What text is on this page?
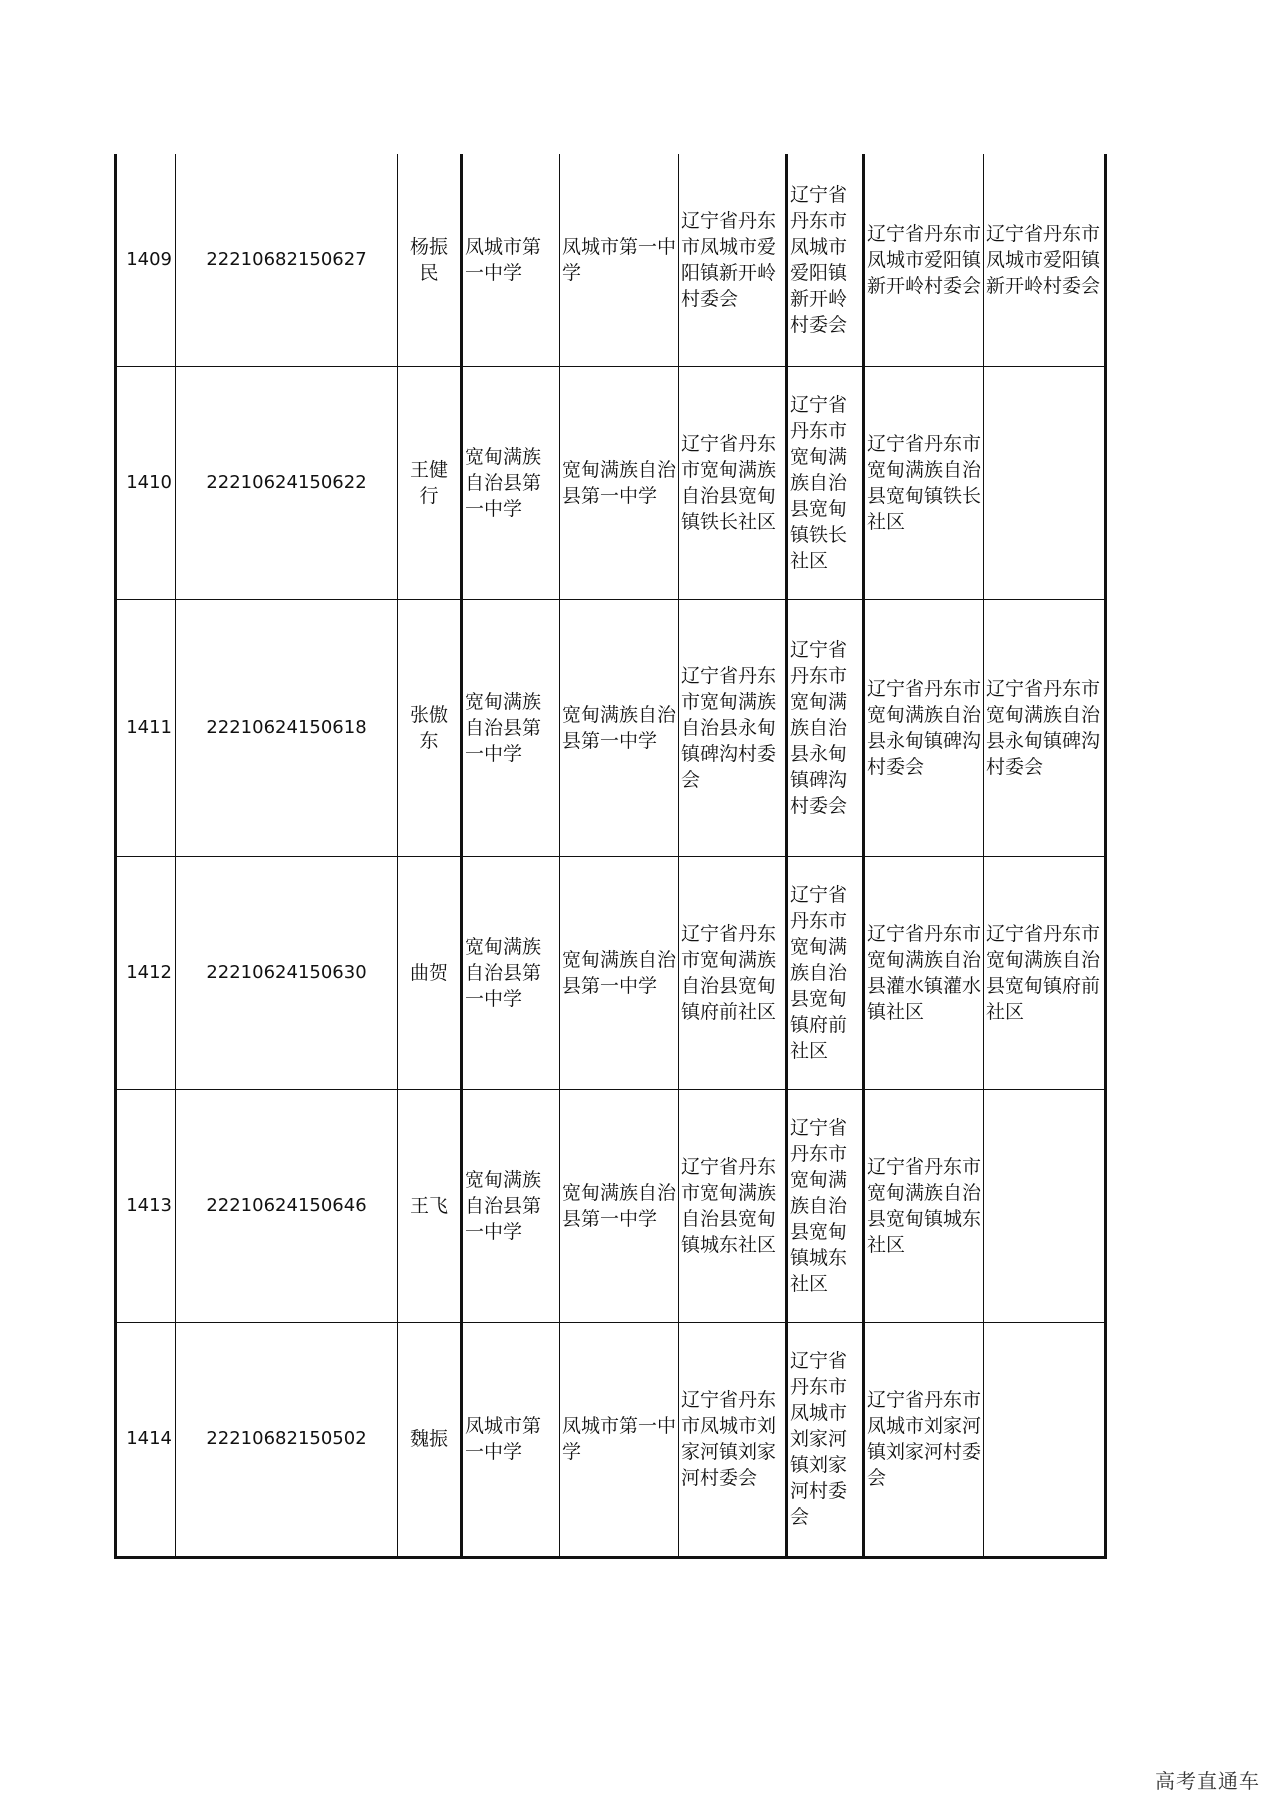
1409	22210682150627	杨振民	凤城市第一中学	凤城市第一中学	辽宁省丹东市凤城市爱阳镇新开岭村委会	辽宁省丹东市凤城市爱阳镇新开岭村委会	辽宁省丹东市凤城市爱阳镇新开岭村委会	辽宁省丹东市凤城市爱阳镇新开岭村委会
1410	22210624150622	王健行	宽甸满族自治县第一中学	宽甸满族自治县第一中学	辽宁省丹东市宽甸满族自治县宽甸镇铁长社区	辽宁省丹东市宽甸满族自治县宽甸镇铁长社区	辽宁省丹东市宽甸满族自治县宽甸镇铁长社区	
1411	22210624150618	张傲东	宽甸满族自治县第一中学	宽甸满族自治县第一中学	辽宁省丹东市宽甸满族自治县永甸镇碑沟村委会	辽宁省丹东市宽甸满族自治县永甸镇碑沟村委会	辽宁省丹东市宽甸满族自治县永甸镇碑沟村委会	辽宁省丹东市宽甸满族自治县永甸镇碑沟村委会
1412	22210624150630	曲贺	宽甸满族自治县第一中学	宽甸满族自治县第一中学	辽宁省丹东市宽甸满族自治县宽甸镇府前社区	辽宁省丹东市宽甸满族自治县宽甸镇府前社区	辽宁省丹东市宽甸满族自治县灌水镇灌水镇社区	辽宁省丹东市宽甸满族自治县宽甸镇府前社区
1413	22210624150646	王飞	宽甸满族自治县第一中学	宽甸满族自治县第一中学	辽宁省丹东市宽甸满族自治县宽甸镇城东社区	辽宁省丹东市宽甸满族自治县宽甸镇城东社区	辽宁省丹东市宽甸满族自治县宽甸镇城东社区	
1414	22210682150502	魏振	凤城市第一中学	凤城市第一中学	辽宁省丹东市凤城市刘家河镇刘家河村委会	辽宁省丹东市凤城市刘家河镇刘家河村委会	辽宁省丹东市凤城市刘家河镇刘家河村委会	
高考直通车
